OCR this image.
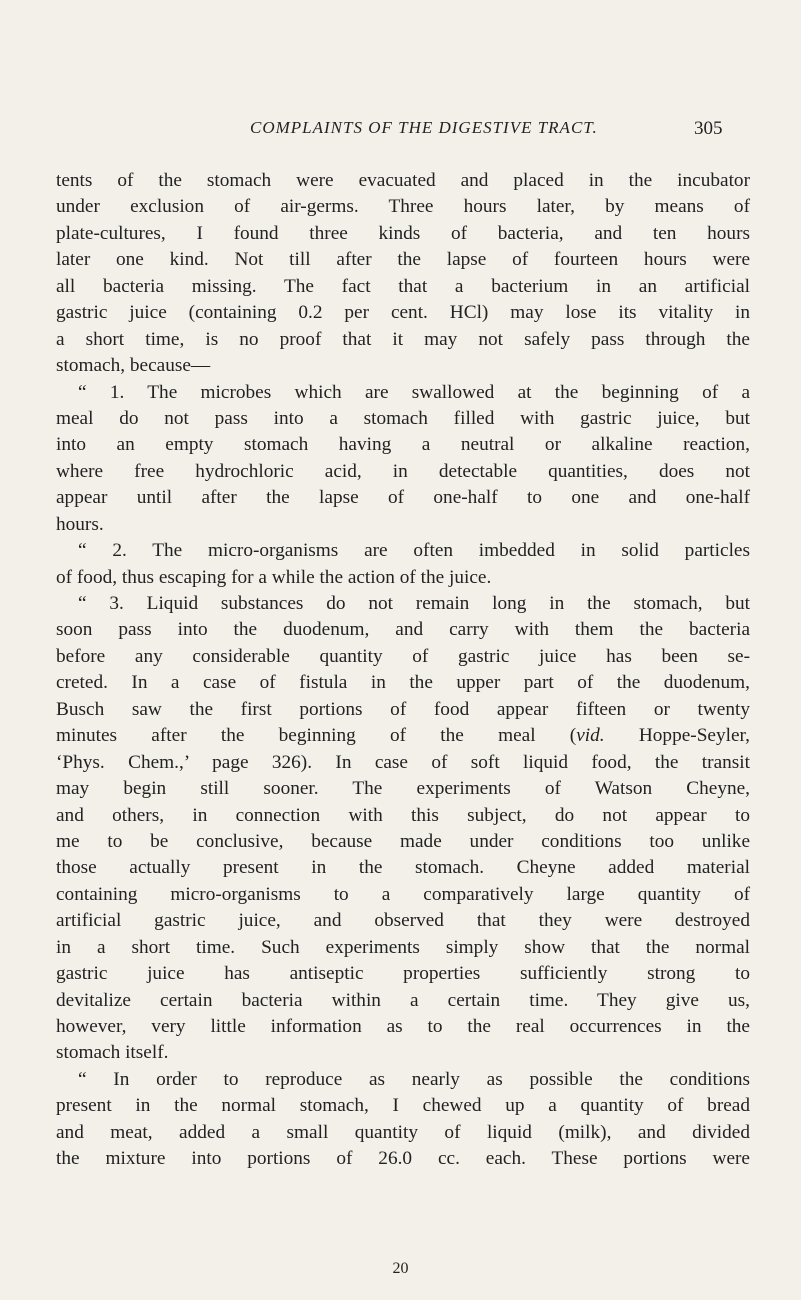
COMPLAINTS OF THE DIGESTIVE TRACT.	305
tents of the stomach were evacuated and placed in the incubator
under exclusion of air-germs. Three hours later, by means of
plate-cultures, I found three kinds of bacteria, and ten hours
later one kind. Not till after the lapse of fourteen hours were
all bacteria missing. The fact that a bacterium in an artificial
gastric juice (containing 0.2 per cent. HCl) may lose its vitality in
a short time, is no proof that it may not safely pass through the
stomach, because—
“ 1. The microbes which are swallowed at the beginning of a
meal do not pass into a stomach filled with gastric juice, but
into an empty stomach having a neutral or alkaline reaction,
where free hydrochloric acid, in detectable quantities, does not
appear until after the lapse of one-half to one and one-half
hours.
“ 2. The micro-organisms are often imbedded in solid particles
of food, thus escaping for a while the action of the juice.
“ 3. Liquid substances do not remain long in the stomach, but
soon pass into the duodenum, and carry with them the bacteria
before any considerable quantity of gastric juice has been se-
creted. In a case of fistula in the upper part of the duodenum,
Busch saw the first portions of food appear fifteen or twenty
minutes after the beginning of the meal (vid. Hoppe-Seyler,
‘Phys. Chem.,’ page 326). In case of soft liquid food, the transit
may begin still sooner. The experiments of Watson Cheyne,
and others, in connection with this subject, do not appear to
me to be conclusive, because made under conditions too unlike
those actually present in the stomach. Cheyne added material
containing micro-organisms to a comparatively large quantity of
artificial gastric juice, and observed that they were destroyed
in a short time. Such experiments simply show that the normal
gastric juice has antiseptic properties sufficiently strong to
devitalize certain bacteria within a certain time. They give us,
however, very little information as to the real occurrences in the
stomach itself.
“ In order to reproduce as nearly as possible the conditions
present in the normal stomach, I chewed up a quantity of bread
and meat, added a small quantity of liquid (milk), and divided
the mixture into portions of 26.0 cc. each. These portions were
20
